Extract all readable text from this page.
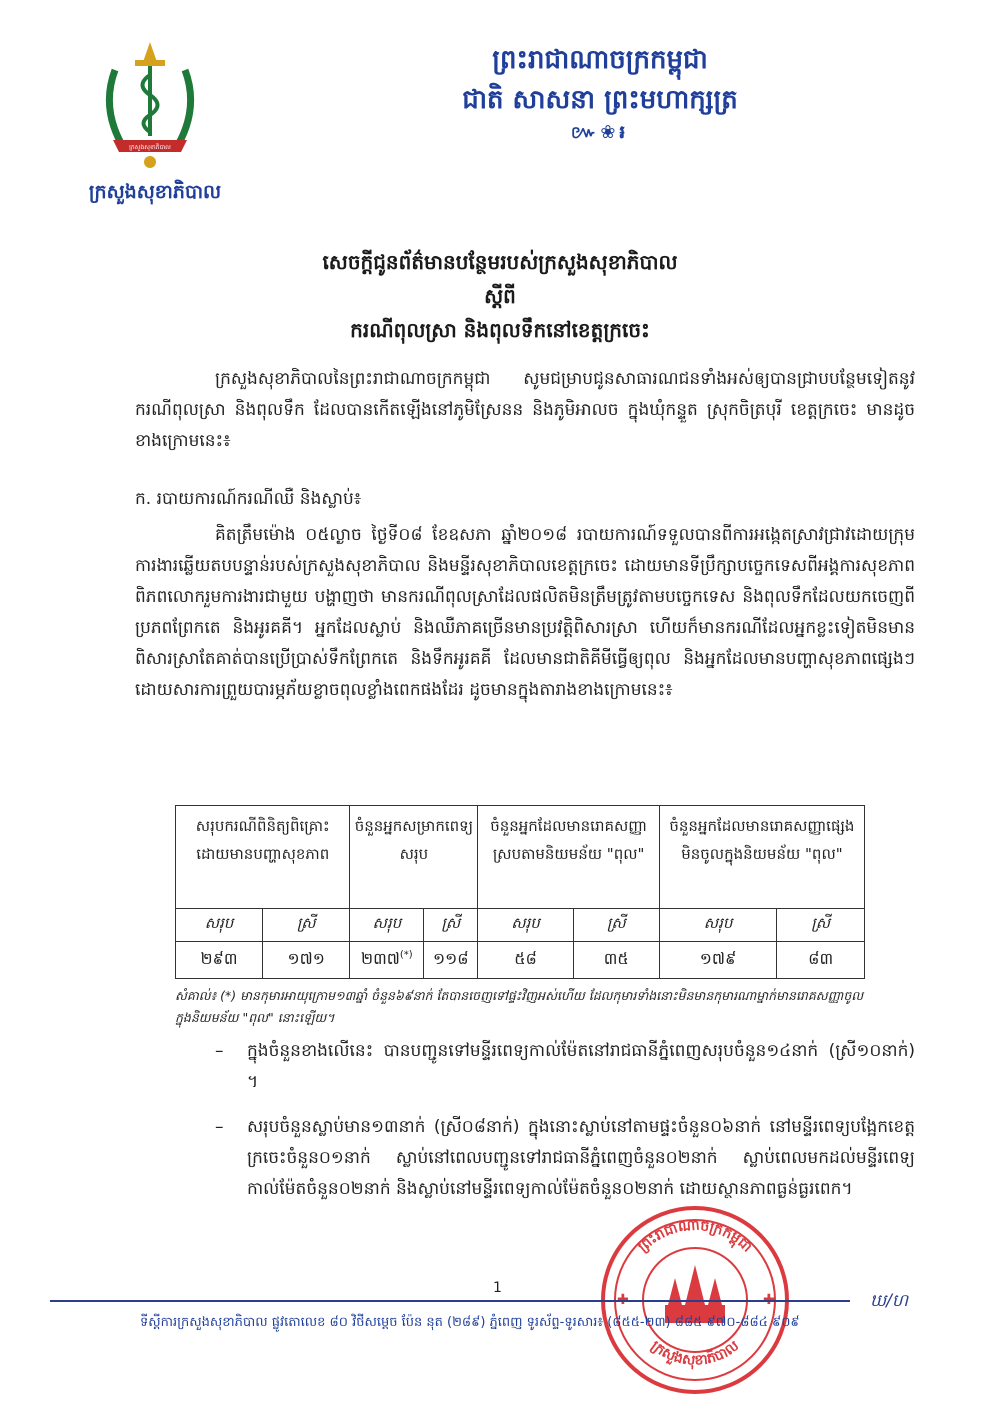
ក្រសួងសុខាភិបាល
ក្រសួងសុខាភិបាល
ព្រះរាជាណាចក្រកម្ពុជា
ជាតិ សាសនា ព្រះមហាក្សត្រ
៚❀៛
សេចក្តីជូនព័ត៌មានបន្ថែមរបស់ក្រសួងសុខាភិបាល
ស្តីពី
ករណីពុលស្រា និងពុលទឹកនៅខេត្តក្រចេះ
ក្រសួងសុខាភិបាលនៃព្រះរាជាណាចក្រកម្ពុជា សូមជម្រាបជូនសាធារណជនទាំងអស់ឲ្យបានជ្រាបបន្ថែមទៀតនូវករណីពុលស្រា និងពុលទឹក ដែលបានកើតឡើងនៅភូមិស្រែនន និងភូមិអាលច ក្នុងឃុំកន្ទួត ស្រុកចិត្របុរី ខេត្តក្រចេះ មានដូចខាងក្រោមនេះ៖
ក. របាយការណ៍ករណីឈឺ និងស្លាប់៖
គិតត្រឹមម៉ោង ០៥ល្ងាច ថ្ងៃទី០៨ ខែឧសភា ឆ្នាំ២០១៨ របាយការណ៍ទទួលបានពីការអង្កេតស្រាវជ្រាវដោយក្រុមការងារឆ្លើយតបបន្ទាន់របស់ក្រសួងសុខាភិបាល និងមន្ទីរសុខាភិបាលខេត្តក្រចេះ ដោយមានទីប្រឹក្សាបច្ចេកទេសពីអង្គការសុខភាពពិភពលោករួមការងារជាមួយ បង្ហាញថា មានករណីពុលស្រាដែលផលិតមិនត្រឹមត្រូវតាមបច្ចេកទេស និងពុលទឹកដែលយកចេញពីប្រភពព្រែកតេ និងអូរគគី។ អ្នកដែលស្លាប់ និងឈឺភាគច្រើនមានប្រវត្តិពិសារស្រា ហើយក៏មានករណីដែលអ្នកខ្លះទៀតមិនមានពិសារស្រាតែគាត់បានប្រើប្រាស់ទឹកព្រែកតេ និងទឹកអូរគគី ដែលមានជាតិគីមីធ្វើឲ្យពុល និងអ្នកដែលមានបញ្ហាសុខភាពផ្សេងៗដោយសារការព្រួយបារម្ភភ័យខ្លាចពុលខ្លាំងពេកផងដែរ ដូចមានក្នុងតារាងខាងក្រោមនេះ៖
សរុបករណីពិនិត្យពិគ្រោះដោយមានបញ្ហាសុខភាព		ចំនួនអ្នកសម្រាកពេទ្យសរុប		ចំនួនអ្នកដែលមានរោគសញ្ញាស្របតាមនិយមន័យ "ពុល"		ចំនួនអ្នកដែលមានរោគសញ្ញាផ្សេង មិនចូលក្នុងនិយមន័យ "ពុល"	
សរុប	ស្រី	សរុប	ស្រី	សរុប	ស្រី	សរុប	ស្រី
២៩៣	១៧១	២៣៧(*)	១១៨	៥៨	៣៥	១៧៩	៨៣
សំគាល់៖ (*) មានកុមារអាយុក្រោម១៣ឆ្នាំ ចំនួន៦៩នាក់ តែបានចេញទៅផ្ទះវិញអស់ហើយ ដែលកុមារទាំងនោះមិនមានកុមារណាម្នាក់មានរោគសញ្ញាចូលក្នុងនិយមន័យ "ពុល" នោះឡើយ។
– ក្នុងចំនួនខាងលើនេះ បានបញ្ជូនទៅមន្ទីរពេទ្យកាល់ម៉ែតនៅរាជធានីភ្នំពេញសរុបចំនួន១៤នាក់ (ស្រី១០នាក់) ។
– សរុបចំនួនស្លាប់មាន១៣នាក់ (ស្រី០៨នាក់) ក្នុងនោះស្លាប់នៅតាមផ្ទះចំនួន០៦នាក់ នៅមន្ទីរពេទ្យបង្អែកខេត្តក្រចេះចំនួន០១នាក់ ស្លាប់នៅពេលបញ្ជូនទៅរាជធានីភ្នំពេញចំនួន០២នាក់ ស្លាប់ពេលមកដល់មន្ទីរពេទ្យកាល់ម៉ែតចំនួន០២នាក់ និងស្លាប់នៅមន្ទីរពេទ្យកាល់ម៉ែតចំនួន០២នាក់ ដោយស្ថានភាពធ្ងន់ធ្ងរពេក។
ព្រះរាជាណាចក្រកម្ពុជា
ក្រសួងសុខាភិបាល
✚	✚
1
ទីស្តីការក្រសួងសុខាភិបាល ផ្លូវតោលេខ ៨០ វិថីសម្តេច ប៉ែន នុត (២៨៩) ភ្នំពេញ ទូរស័ព្ទ-ទូរសារ៖ (៨៥៥-២៣) ៨៨៥ ៩៧០-៨៨៤ ៩០៩
ឃ/ហ
